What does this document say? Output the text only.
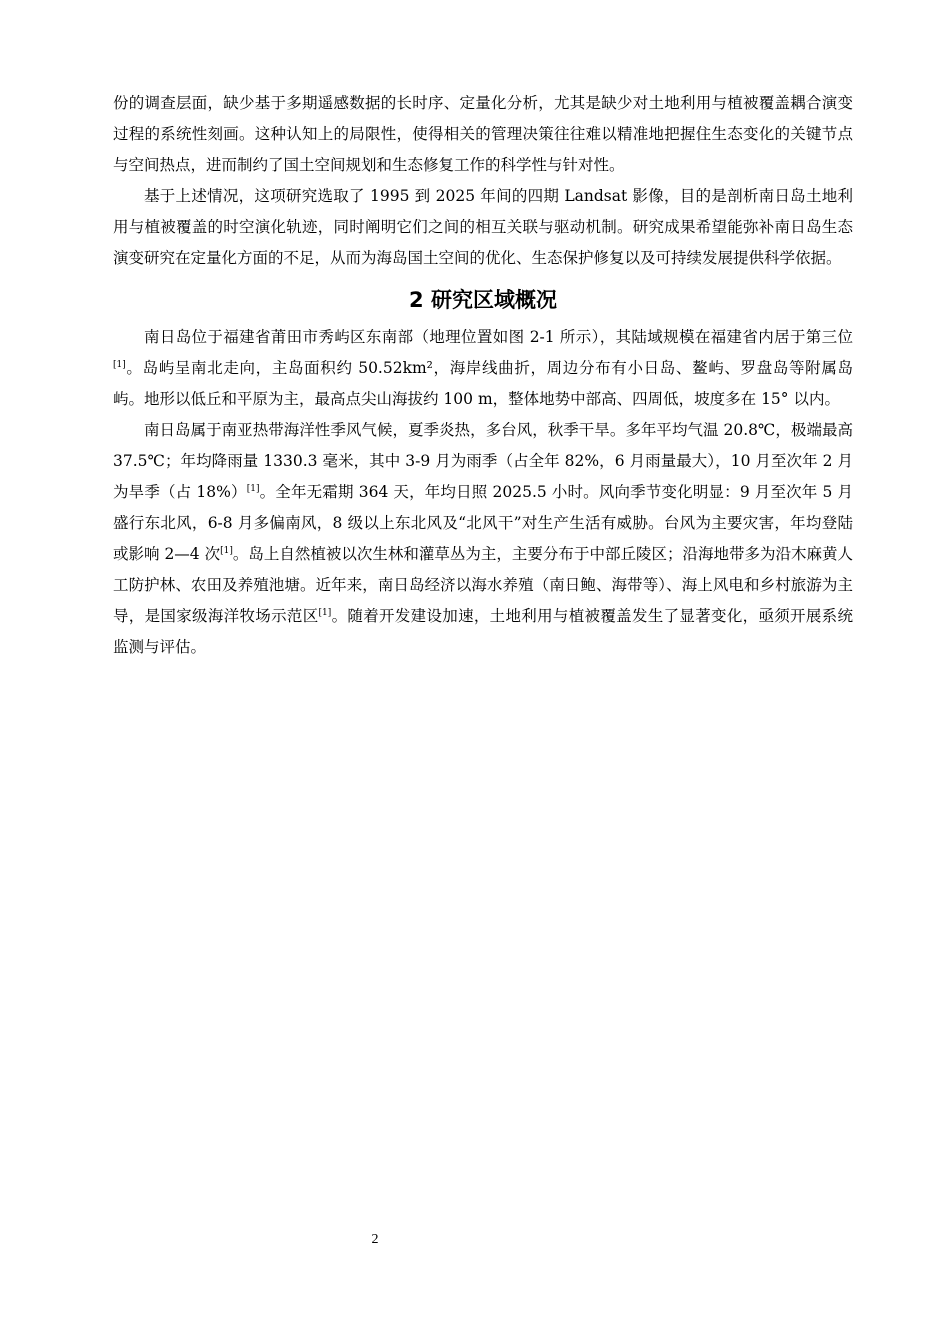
份的调查层面，缺少基于多期遥感数据的长时序、定量化分析，尤其是缺少对土地利用与植被覆盖耦合演变过程的系统性刻画。这种认知上的局限性，使得相关的管理决策往往难以精准地把握住生态变化的关键节点与空间热点，进而制约了国土空间规划和生态修复工作的科学性与针对性。

基于上述情况，这项研究选取了 1995 到 2025 年间的四期 Landsat 影像，目的是剖析南日岛土地利用与植被覆盖的时空演化轨迹，同时阐明它们之间的相互关联与驱动机制。研究成果希望能弥补南日岛生态演变研究在定量化方面的不足，从而为海岛国土空间的优化、生态保护修复以及可持续发展提供科学依据。

2 研究区域概况

南日岛位于福建省莆田市秀屿区东南部（地理位置如图 2-1 所示），其陆域规模在福建省内居于第三位[1]。岛屿呈南北走向，主岛面积约 50.52km²，海岸线曲折，周边分布有小日岛、鳌屿、罗盘岛等附属岛屿。地形以低丘和平原为主，最高点尖山海拔约 100 m，整体地势中部高、四周低，坡度多在 15° 以内。

南日岛属于南亚热带海洋性季风气候，夏季炎热，多台风，秋季干旱。多年平均气温 20.8℃，极端最高 37.5℃；年均降雨量 1330.3 毫米，其中 3-9 月为雨季（占全年 82%，6 月雨量最大），10 月至次年 2 月为旱季（占 18%）[1]。全年无霜期 364 天，年均日照 2025.5 小时。风向季节变化明显：9 月至次年 5 月盛行东北风，6-8 月多偏南风，8 级以上东北风及“北风干”对生产生活有威胁。台风为主要灾害，年均登陆或影响 2—4 次[1]。岛上自然植被以次生林和灌草丛为主，主要分布于中部丘陵区；沿海地带多为沿木麻黄人工防护林、农田及养殖池塘。近年来，南日岛经济以海水养殖（南日鲍、海带等）、海上风电和乡村旅游为主导，是国家级海洋牧场示范区[1]。随着开发建设加速，土地利用与植被覆盖发生了显著变化，亟须开展系统监测与评估。

2
